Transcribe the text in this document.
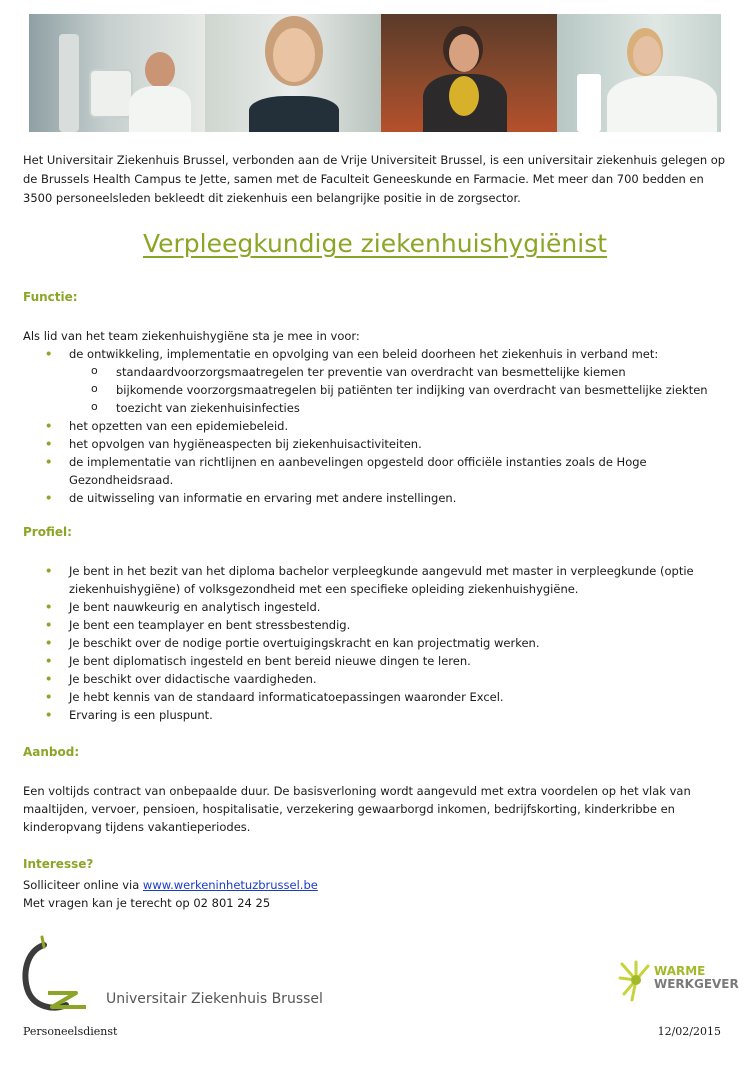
Het Universitair Ziekenhuis Brussel, verbonden aan de Vrije Universiteit Brussel, is een universitair ziekenhuis gelegen op de Brussels Health Campus te Jette, samen met de Faculteit Geneeskunde en Farmacie. Met meer dan 700 bedden en 3500 personeelsleden bekleedt dit ziekenhuis een belangrijke positie in de zorgsector.
Verpleegkundige ziekenhuishygiënist
Functie:
Als lid van het team ziekenhuishygiëne sta je mee in voor:
• de ontwikkeling, implementatie en opvolging van een beleid doorheen het ziekenhuis in verband met:
o standaardvoorzorgsmaatregelen ter preventie van overdracht van besmettelijke kiemen
o bijkomende voorzorgsmaatregelen bij patiënten ter indijking van overdracht van besmettelijke ziekten
o toezicht van ziekenhuisinfecties
• het opzetten van een epidemiebeleid.
• het opvolgen van hygiëneaspecten bij ziekenhuisactiviteiten.
• de implementatie van richtlijnen en aanbevelingen opgesteld door officiële instanties zoals de Hoge Gezondheidsraad.
• de uitwisseling van informatie en ervaring met andere instellingen.
Profiel:
• Je bent in het bezit van het diploma bachelor verpleegkunde aangevuld met master in verpleegkunde (optie ziekenhuishygiëne) of volksgezondheid met een specifieke opleiding ziekenhuishygiëne.
• Je bent nauwkeurig en analytisch ingesteld.
• Je bent een teamplayer en bent stressbestendig.
• Je beschikt over de nodige portie overtuigingskracht en kan projectmatig werken.
• Je bent diplomatisch ingesteld en bent bereid nieuwe dingen te leren.
• Je beschikt over didactische vaardigheden.
• Je hebt kennis van de standaard informaticatoepassingen waaronder Excel.
• Ervaring is een pluspunt.
Aanbod:
Een voltijds contract van onbepaalde duur. De basisverloning wordt aangevuld met extra voordelen op het vlak van maaltijden, vervoer, pensioen, hospitalisatie, verzekering gewaarborgd inkomen, bedrijfskorting, kinderkribbe en kinderopvang tijdens vakantieperiodes.
Interesse?
Solliciteer online via www.werkeninhetuzbrussel.be
Met vragen kan je terecht op 02 801 24 25
Universitair Ziekenhuis Brussel
WARME
WERKGEVER
Personeelsdienst	12/02/2015
